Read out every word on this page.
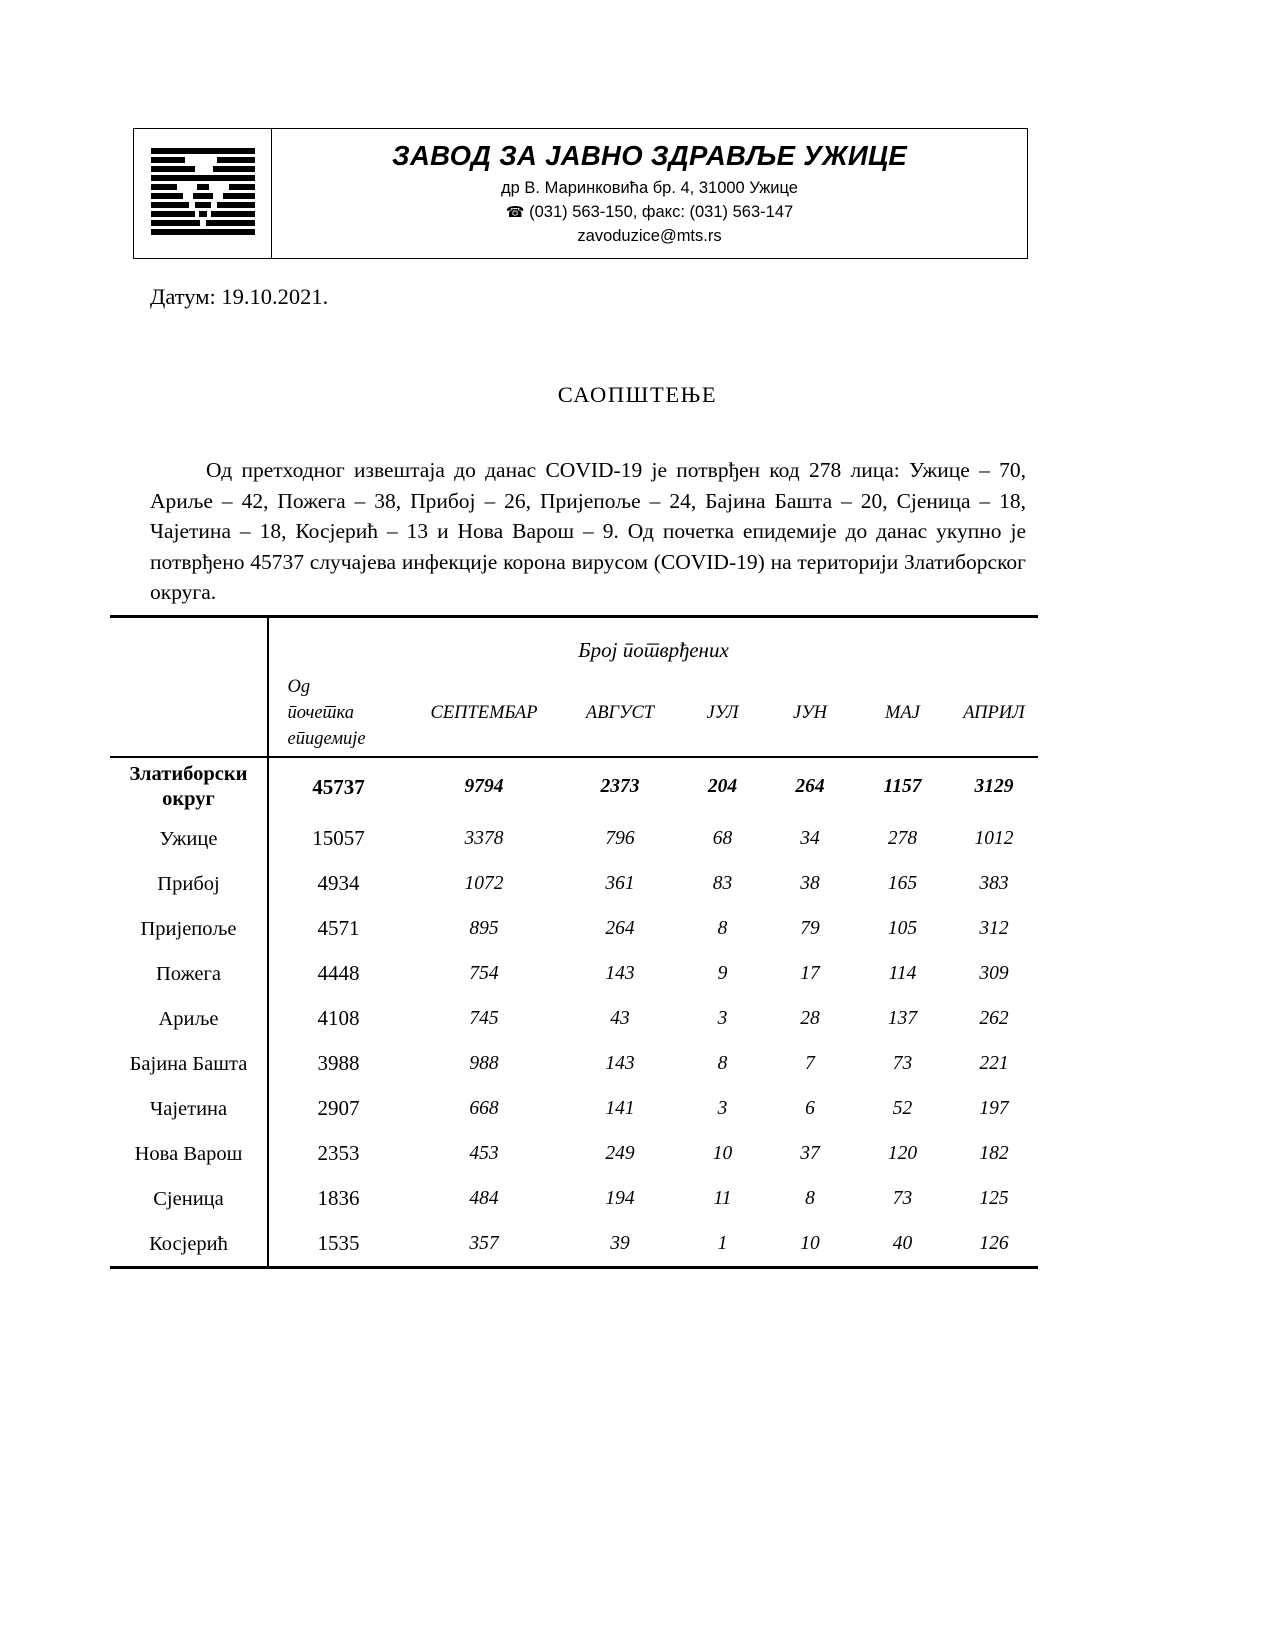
ЗАВОД ЗА ЈАВНО ЗДРАВЉЕ УЖИЦЕ
др В. Маринковића бр. 4, 31000 Ужице
☎ (031) 563-150, факс: (031) 563-147
zavoduzice@mts.rs
Датум: 19.10.2021.
САОПШТЕЊЕ
Од претходног извештаја до данас COVID-19 је потврђен код 278 лица: Ужице – 70, Ариље – 42, Пожега – 38, Прибој – 26, Пријепоље – 24, Бајина Башта – 20, Сјеница – 18, Чајетина – 18, Косјерић – 13 и Нова Варош – 9. Од почетка епидемије до данас укупно је потврђено 45737 случајева инфекције корона вирусом (COVID-19) на територији Златиборског округа.

	Број потврђених						

	Од
почетка
епидемије	СЕПТЕМБАР	АВГУСТ	ЈУЛ	ЈУН	МАЈ	АПРИЛ

Златиборски
округ	45737	9794	2373	204	264	1157	3129
Ужице	15057	3378	796	68	34	278	1012
Прибој	4934	1072	361	83	38	165	383
Пријепоље	4571	895	264	8	79	105	312
Пожега	4448	754	143	9	17	114	309
Ариље	4108	745	43	3	28	137	262
Бајина Башта	3988	988	143	8	7	73	221
Чајетина	2907	668	141	3	6	52	197
Нова Варош	2353	453	249	10	37	120	182
Сјеница	1836	484	194	11	8	73	125
Косјерић	1535	357	39	1	10	40	126
